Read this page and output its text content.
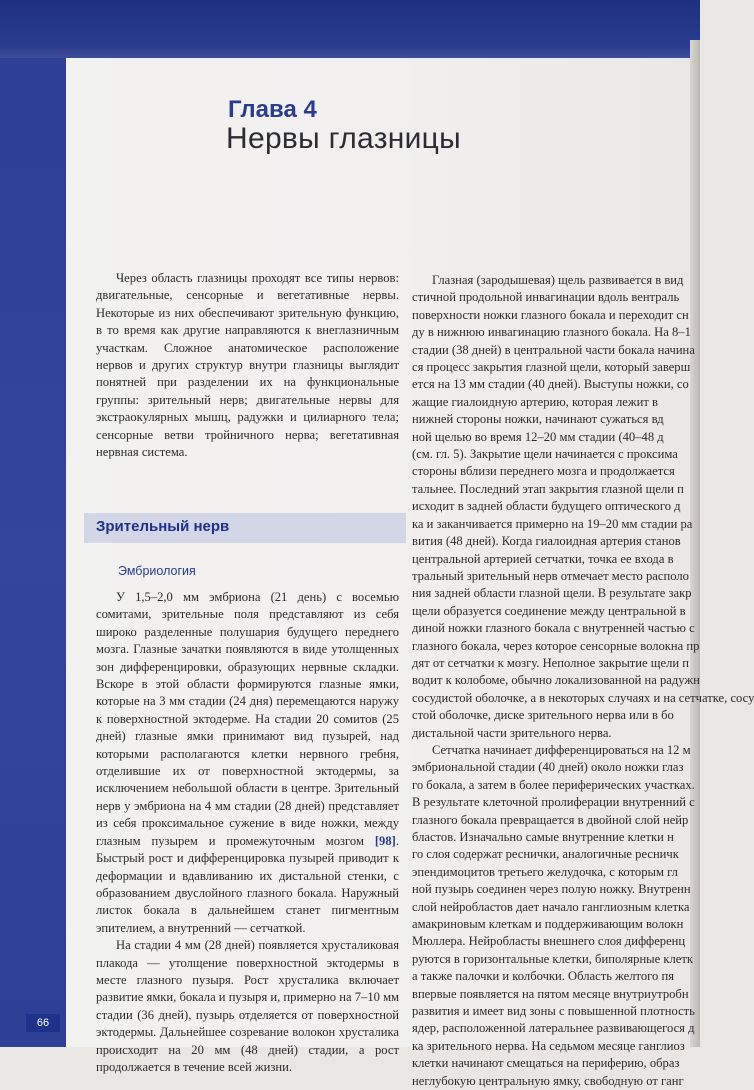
Глава 4
Нервы глазницы

Через область глазницы проходят все типы нервов: двигательные, сенсорные и вегетативные нервы. Некоторые из них обеспечивают зрительную функцию, в то время как другие направляются к внеглазничным участкам. Сложное анатомическое расположение нервов и других структур внутри глазницы выглядит понятней при разделении их на функциональные группы: зрительный нерв; двигательные нервы для экстраокулярных мышц, радужки и цилиарного тела; сенсорные ветви тройничного нерва; вегетативная нервная система.

Зрительный нерв
Эмбриология

У 1,5–2,0 мм эмбриона (21 день) с восемью сомитами, зрительные поля представляют из себя широко разделенные полушария будущего переднего мозга. Глазные зачатки появляются в виде утолщенных зон дифференцировки, образующих нервные складки. Вскоре в этой области формируются глазные ямки, которые на 3 мм стадии (24 дня) перемещаются наружу к поверхностной эктодерме. На стадии 20 сомитов (25 дней) глазные ямки принимают вид пузырей, над которыми располагаются клетки нервного гребня, отделившие их от поверхностной эктодермы, за исключением небольшой области в центре. Зрительный нерв у эмбриона на 4 мм стадии (28 дней) представляет из себя проксимальное сужение в виде ножки, между глазным пузырем и промежуточным мозгом [98]. Быстрый рост и дифференцировка пузырей приводит к деформации и вдавливанию их дистальной стенки, с образованием двуслойного глазного бокала. Наружный листок бокала в дальнейшем станет пигментным эпителием, а внутренний — сетчаткой.

На стадии 4 мм (28 дней) появляется хрусталиковая плакода — утолщение поверхностной эктодермы в месте глазного пузыря. Рост хрусталика включает развитие ямки, бокала и пузыря и, примерно на 7–10 мм стадии (36 дней), пузырь отделяется от поверхностной эктодермы. Дальнейшее созревание волокон хрусталика происходит на 20 мм (48 дней) стадии, а рост продолжается в течение всей жизни.

Глазная (зародышевая) щель развивается в вид
стичной продольной инвагинации вдоль вентраль
поверхности ножки глазного бокала и переходит сн
ду в нижнюю инвагинацию глазного бокала. На 8–1
стадии (38 дней) в центральной части бокала начина
ся процесс закрытия глазной щели, который заверш
ется на 13 мм стадии (40 дней). Выступы ножки, со
жащие гиалоидную артерию, которая лежит в
нижней стороны ножки, начинают сужаться вд
ной щелью во время 12–20 мм стадии (40–48 д
(см. гл. 5). Закрытие щели начинается с проксима
стороны вблизи переднего мозга и продолжается
тальнее. Последний этап закрытия глазной щели п
исходит в задней области будущего оптического д
ка и заканчивается примерно на 19–20 мм стадии ра
вития (48 дней). Когда гиалоидная артерия станов
центральной артерией сетчатки, точка ее входа в
тральный зрительный нерв отмечает место располо
ния задней области глазной щели. В результате закр
щели образуется соединение между центральной в
диной ножки глазного бокала с внутренней частью с
глазного бокала, через которое сенсорные волокна пр
дят от сетчатки к мозгу. Неполное закрытие щели п
водит к колобоме, обычно локализованной на радужн
сосудистой оболочке, а в некоторых случаях и на сетчатке, сосу
стой оболочке, диске зрительного нерва или в бо
дистальной части зрительного нерва.
Сетчатка начинает дифференцироваться на 12 м
эмбриональной стадии (40 дней) около ножки глаз
го бокала, а затем в более периферических участках.
В результате клеточной пролиферации внутренний с
глазного бокала превращается в двойной слой нейр
бластов. Изначально самые внутренние клетки н
го слоя содержат реснички, аналогичные ресничк
эпендимоцитов третьего желудочка, с которым гл
ной пузырь соединен через полую ножку. Внутренн
слой нейробластов дает начало ганглиозным клетка
амакриновым клеткам и поддерживающим волокн
Мюллера. Нейробласты внешнего слоя дифференц
руются в горизонтальные клетки, биполярные клетк
а также палочки и колбочки. Область желтого пя
впервые появляется на пятом месяце внутриутробн
развития и имеет вид зоны с повышенной плотность
ядер, расположенной латеральнее развивающегося д
ка зрительного нерва. На седьмом месяце ганглиоз
клетки начинают смещаться на периферию, образ
неглубокую центральную ямку, свободную от ганг
66
